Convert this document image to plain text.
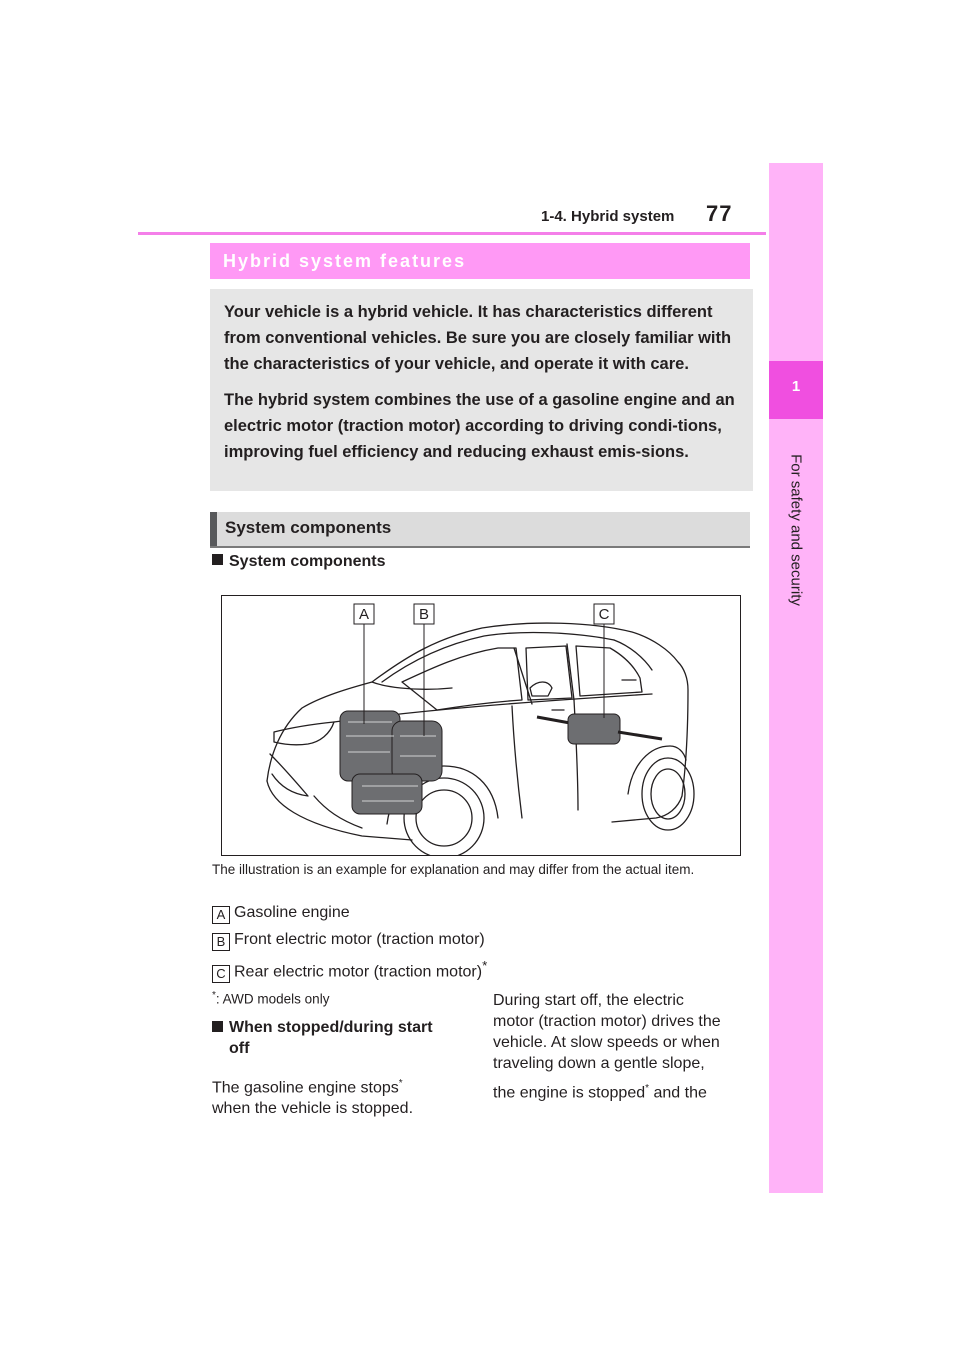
1-4. Hybrid system 77
1
For safety and security
Hybrid system features

Your vehicle is a hybrid vehicle. It has characteristics different from conventional vehicles. Be sure you are closely familiar with the characteristics of your vehicle, and operate it with care.

The hybrid system combines the use of a gasoline engine and an electric motor (traction motor) according to driving condi-tions, improving fuel efficiency and reducing exhaust emis-sions.

System components
System components
A	B	C
The illustration is an example for explanation and may differ from the actual item.
A Gasoline engine
B Front electric motor (traction motor)
C Rear electric motor (traction motor)*
*: AWD models only
When stopped/during start
off
The gasoline engine stops*
when the vehicle is stopped.
During start off, the electric
motor (traction motor) drives the
vehicle. At slow speeds or when
traveling down a gentle slope,
the engine is stopped* and the
